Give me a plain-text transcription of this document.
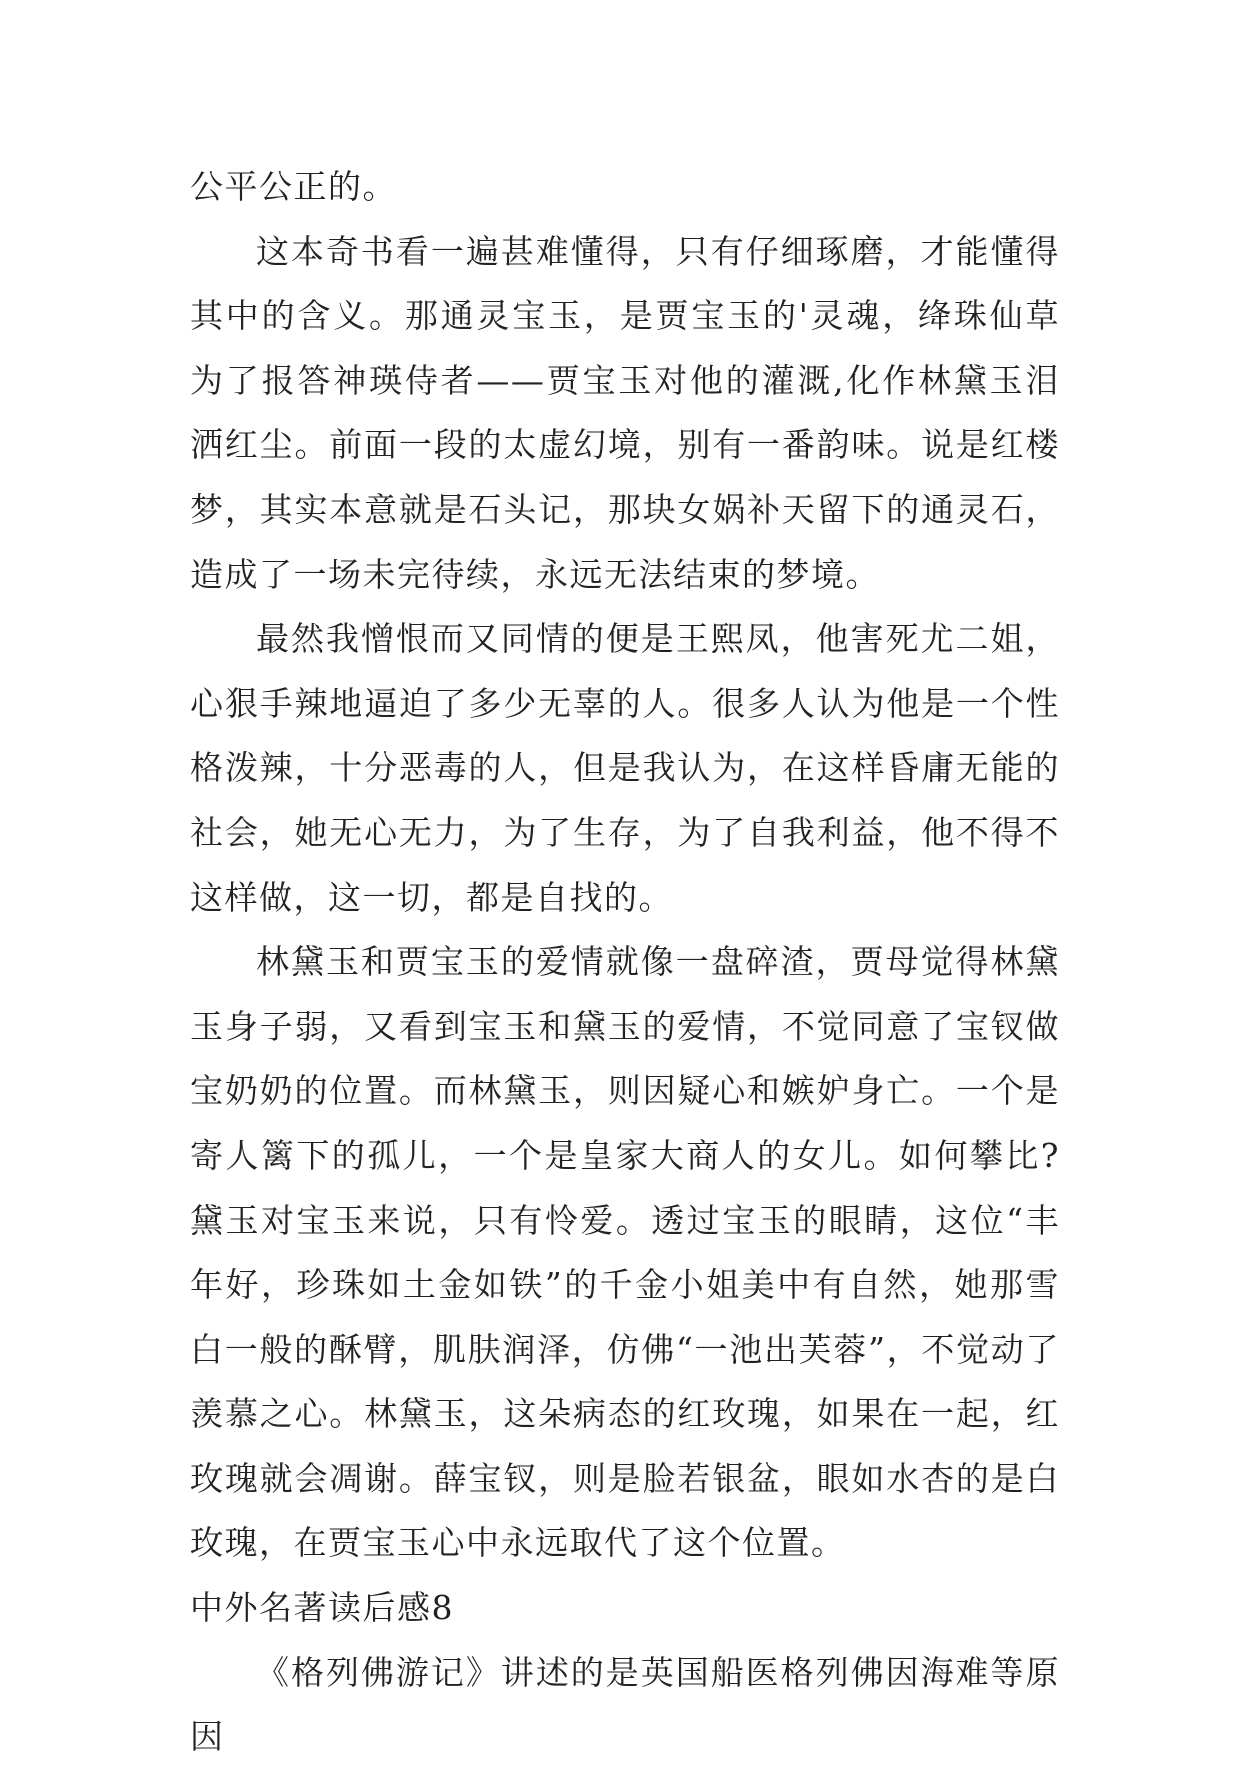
公平公正的。

这本奇书看一遍甚难懂得，只有仔细琢磨，才能懂得其中的含义。那通灵宝玉，是贾宝玉的'灵魂，绛珠仙草为了报答神瑛侍者——贾宝玉对他的灌溉,化作林黛玉泪洒红尘。前面一段的太虚幻境，别有一番韵味。说是红楼梦，其实本意就是石头记，那块女娲补天留下的通灵石，造成了一场未完待续，永远无法结束的梦境。

最然我憎恨而又同情的便是王熙凤，他害死尤二姐，心狠手辣地逼迫了多少无辜的人。很多人认为他是一个性格泼辣，十分恶毒的人，但是我认为，在这样昏庸无能的社会，她无心无力，为了生存，为了自我利益，他不得不这样做，这一切，都是自找的。

林黛玉和贾宝玉的爱情就像一盘碎渣，贾母觉得林黛玉身子弱，又看到宝玉和黛玉的爱情，不觉同意了宝钗做宝奶奶的位置。而林黛玉，则因疑心和嫉妒身亡。一个是寄人篱下的孤儿，一个是皇家大商人的女儿。如何攀比?黛玉对宝玉来说，只有怜爱。透过宝玉的眼睛，这位“丰年好，珍珠如土金如铁”的千金小姐美中有自然，她那雪白一般的酥臂，肌肤润泽，仿佛“一池出芙蓉”，不觉动了羡慕之心。林黛玉，这朵病态的红玫瑰，如果在一起，红玫瑰就会凋谢。薛宝钗，则是脸若银盆，眼如水杏的是白玫瑰，在贾宝玉心中永远取代了这个位置。

中外名著读后感8

《格列佛游记》讲述的是英国船医格列佛因海难等原因
